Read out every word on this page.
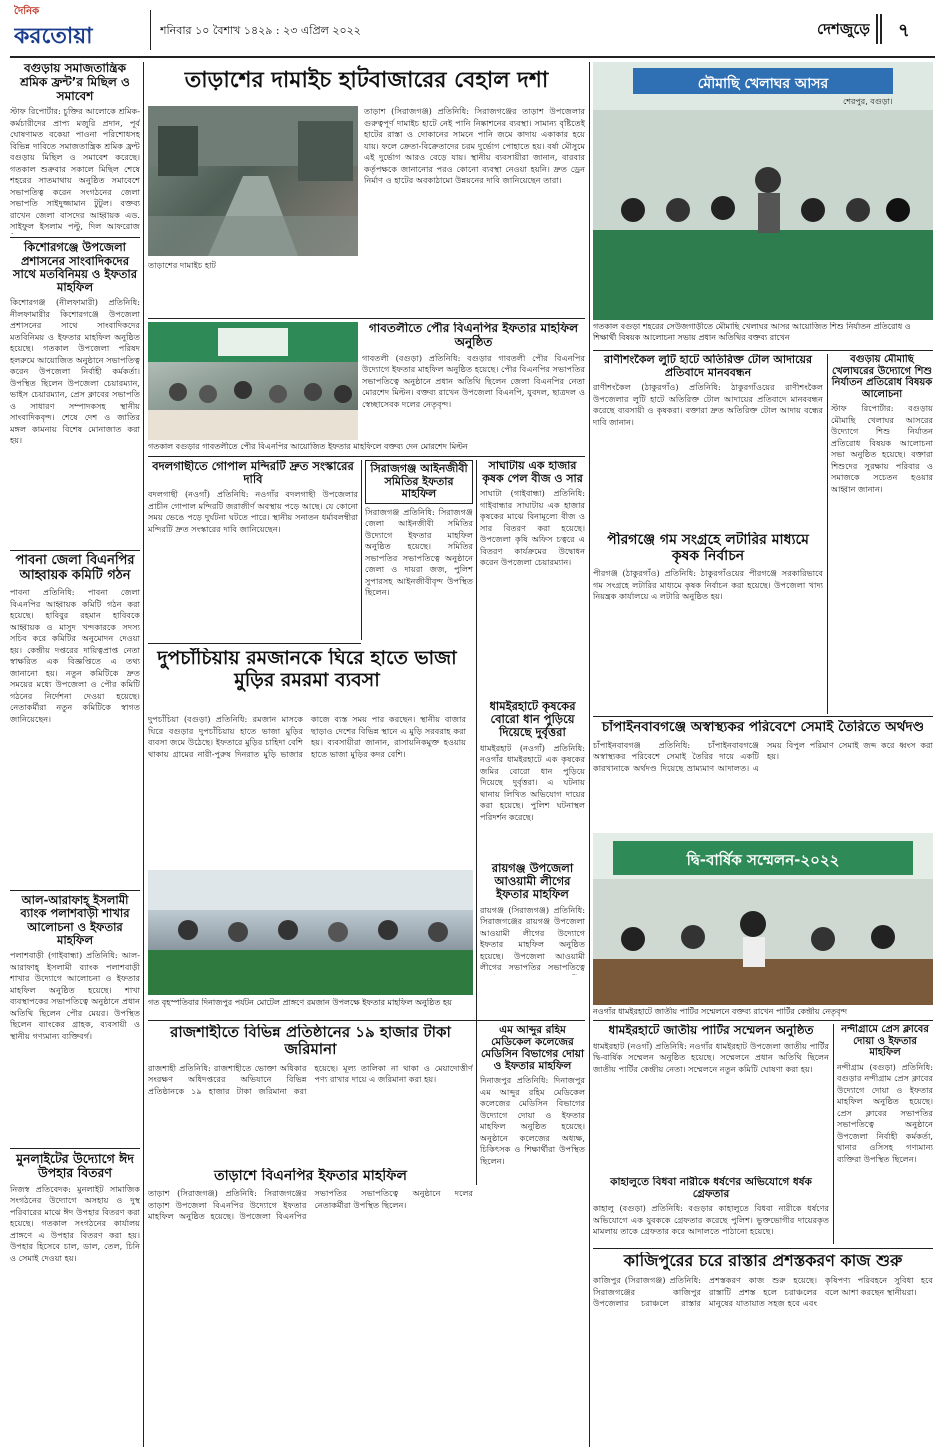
দৈনিক
করতোয়া	শনিবার ১০ বৈশাখ ১৪২৯ : ২৩ এপ্রিল ২০২২	দেশজুড়ে ৭
বগুড়ায় সমাজতান্ত্রিক শ্রমিক ফ্রন্ট’র মিছিল ও সমাবেশ
স্টাফ রিপোর্টার: চুক্তির আলোকে শ্রমিক-কর্মচারীদের প্রাপ্য মজুরি প্রদান, পূর্ব ঘোষণামত বকেয়া পাওনা পরিশোধসহ বিভিন্ন দাবিতে সমাজতান্ত্রিক শ্রমিক ফ্রন্ট বগুড়ায় মিছিল ও সমাবেশ করেছে। গতকাল শুক্রবার সকালে মিছিল শেষে শহরের সাতমাথায় অনুষ্ঠিত সমাবেশে সভাপতিত্ব করেন সংগঠনের জেলা সভাপতি সাইদুজ্জামান টুটুল। বক্তব্য রাখেন জেলা বাসদের আহ্বায়ক এড. সাইফুল ইসলাম পল্টু, দিল আফরোজ
কিশোরগঞ্জে উপজেলা প্রশাসনের সাংবাদিকদের সাথে মতবিনিময় ও ইফতার মাহফিল
কিশোরগঞ্জ (নীলফামারী) প্রতিনিধি: নীলফামারীর কিশোরগঞ্জে উপজেলা প্রশাসনের সাথে সাংবাদিকদের মতবিনিময় ও ইফতার মাহফিল অনুষ্ঠিত হয়েছে। গতকাল উপজেলা পরিষদ হলরুমে আয়োজিত অনুষ্ঠানে সভাপতিত্ব করেন উপজেলা নির্বাহী কর্মকর্তা। উপস্থিত ছিলেন উপজেলা চেয়ারম্যান, ভাইস চেয়ারম্যান, প্রেস ক্লাবের সভাপতি ও সাধারণ সম্পাদকসহ স্থানীয় সাংবাদিকবৃন্দ। শেষে দেশ ও জাতির মঙ্গল কামনায় বিশেষ মোনাজাত করা হয়।
পাবনা জেলা বিএনপির আহ্বায়ক কমিটি গঠন
পাবনা প্রতিনিধি: পাবনা জেলা বিএনপির আহ্বায়ক কমিটি গঠন করা হয়েছে। হাবিবুর রহমান হাবিবকে আহ্বায়ক ও মাসুদ খন্দকারকে সদস্য সচিব করে কমিটির অনুমোদন দেওয়া হয়। কেন্দ্রীয় দপ্তরের দায়িত্বপ্রাপ্ত নেতা স্বাক্ষরিত এক বিজ্ঞপ্তিতে এ তথ্য জানানো হয়। নতুন কমিটিকে দ্রুত সময়ের মধ্যে উপজেলা ও পৌর কমিটি গঠনের নির্দেশনা দেওয়া হয়েছে। নেতাকর্মীরা নতুন কমিটিকে স্বাগত জানিয়েছেন।
আল-আরাফাহ্‌ ইসলামী ব্যাংক পলাশবাড়ী শাখার আলোচনা ও ইফতার মাহফিল
পলাশবাড়ী (গাইবান্ধা) প্রতিনিধি: আল-আরাফাহ্‌ ইসলামী ব্যাংক পলাশবাড়ী শাখার উদ্যোগে আলোচনা ও ইফতার মাহফিল অনুষ্ঠিত হয়েছে। শাখা ব্যবস্থাপকের সভাপতিত্বে অনুষ্ঠানে প্রধান অতিথি ছিলেন পৌর মেয়র। উপস্থিত ছিলেন ব্যাংকের গ্রাহক, ব্যবসায়ী ও স্থানীয় গণ্যমান্য ব্যক্তিবর্গ।
মুনলাইটের উদ্যোগে ঈদ উপহার বিতরণ
নিজস্ব প্রতিবেদক: মুনলাইট সামাজিক সংগঠনের উদ্যোগে অসহায় ও দুস্থ পরিবারের মাঝে ঈদ উপহার বিতরণ করা হয়েছে। গতকাল সংগঠনের কার্যালয় প্রাঙ্গণে এ উপহার বিতরণ করা হয়। উপহার হিসেবে চাল, ডাল, তেল, চিনি ও সেমাই দেওয়া হয়।
তাড়াশের দামাইচ হাটবাজারের বেহাল দশা
তাড়াশ (সিরাজগঞ্জ) প্রতিনিধি: সিরাজগঞ্জের তাড়াশ উপজেলার গুরুত্বপূর্ণ দামাইচ হাটে নেই পানি নিষ্কাশনের ব্যবস্থা। সামান্য বৃষ্টিতেই হাটের রাস্তা ও দোকানের সামনে পানি জমে কাদায় একাকার হয়ে যায়। ফলে ক্রেতা-বিক্রেতাদের চরম দুর্ভোগ পোহাতে হয়। বর্ষা মৌসুমে এই দুর্ভোগ আরও বেড়ে যায়। স্থানীয় ব্যবসায়ীরা জানান, বারবার কর্তৃপক্ষকে জানানোর পরও কোনো ব্যবস্থা নেওয়া হয়নি। দ্রুত ড্রেন নির্মাণ ও হাটের অবকাঠামো উন্নয়নের দাবি জানিয়েছেন তারা।
তাড়াশের দামাইচ হাট
গতকাল বগুড়ার গাবতলীতে পৌর বিএনপির আয়োজিত ইফতার মাহফিলে বক্তব্য দেন মোরশেদ মিল্টন
গাবতলীতে পৌর বিএনপির ইফতার মাহফিল অনুষ্ঠিত
গাবতলী (বগুড়া) প্রতিনিধি: বগুড়ার গাবতলী পৌর বিএনপির উদ্যোগে ইফতার মাহফিল অনুষ্ঠিত হয়েছে। পৌর বিএনপির সভাপতির সভাপতিত্বে অনুষ্ঠানে প্রধান অতিথি ছিলেন জেলা বিএনপির নেতা মোরশেদ মিল্টন। বক্তব্য রাখেন উপজেলা বিএনপি, যুবদল, ছাত্রদল ও স্বেচ্ছাসেবক দলের নেতৃবৃন্দ।
বদলগাছীতে গোপাল মন্দিরটি দ্রুত সংস্কারের দাবি
বদলগাছী (নওগাঁ) প্রতিনিধি: নওগাঁর বদলগাছী উপজেলার প্রাচীন গোপাল মন্দিরটি জরাজীর্ণ অবস্থায় পড়ে আছে। যে কোনো সময় ভেঙে পড়ে দুর্ঘটনা ঘটতে পারে। স্থানীয় সনাতন ধর্মাবলম্বীরা মন্দিরটি দ্রুত সংস্কারের দাবি জানিয়েছেন।
সিরাজগঞ্জ আইনজীবী সমিতির ইফতার মাহফিল
সিরাজগঞ্জ প্রতিনিধি: সিরাজগঞ্জ জেলা আইনজীবী সমিতির উদ্যোগে ইফতার মাহফিল অনুষ্ঠিত হয়েছে। সমিতির সভাপতির সভাপতিত্বে অনুষ্ঠানে জেলা ও দায়রা জজ, পুলিশ সুপারসহ আইনজীবীবৃন্দ উপস্থিত ছিলেন।
দুপচাঁচিয়ায় রমজানকে ঘিরে হাতে ভাজা মুড়ির রমরমা ব্যবসা
দুপচাঁচিয়া (বগুড়া) প্রতিনিধি: রমজান মাসকে ঘিরে বগুড়ার দুপচাঁচিয়ায় হাতে ভাজা মুড়ির ব্যবসা জমে উঠেছে। ইফতারে মুড়ির চাহিদা বেশি থাকায় গ্রামের নারী-পুরুষ দিনরাত মুড়ি ভাজার কাজে ব্যস্ত সময় পার করছেন। স্থানীয় বাজার ছাড়াও দেশের বিভিন্ন স্থানে এ মুড়ি সরবরাহ করা হয়। ব্যবসায়ীরা জানান, রাসায়নিকমুক্ত হওয়ায় হাতে ভাজা মুড়ির কদর বেশি।
গত বৃহস্পতিবার দিনাজপুর পর্যটন মোটেল প্রাঙ্গণে রমজান উপলক্ষে ইফতার মাহফিল অনুষ্ঠিত হয়
রাজশাহীতে বিভিন্ন প্রতিষ্ঠানের ১৯ হাজার টাকা জরিমানা
রাজশাহী প্রতিনিধি: রাজশাহীতে ভোক্তা অধিকার সংরক্ষণ অধিদপ্তরের অভিযানে বিভিন্ন প্রতিষ্ঠানকে ১৯ হাজার টাকা জরিমানা করা হয়েছে। মূল্য তালিকা না থাকা ও মেয়াদোত্তীর্ণ পণ্য রাখার দায়ে এ জরিমানা করা হয়।
তাড়াশে বিএনপির ইফতার মাহফিল
তাড়াশ (সিরাজগঞ্জ) প্রতিনিধি: সিরাজগঞ্জের তাড়াশ উপজেলা বিএনপির উদ্যোগে ইফতার মাহফিল অনুষ্ঠিত হয়েছে। উপজেলা বিএনপির সভাপতির সভাপতিত্বে অনুষ্ঠানে দলের নেতাকর্মীরা উপস্থিত ছিলেন।
এম আব্দুর রহিম মেডিকেল কলেজের মেডিসিন বিভাগের দোয়া ও ইফতার মাহফিল
দিনাজপুর প্রতিনিধি: দিনাজপুর এম আব্দুর রহিম মেডিকেল কলেজের মেডিসিন বিভাগের উদ্যোগে দোয়া ও ইফতার মাহফিল অনুষ্ঠিত হয়েছে। অনুষ্ঠানে কলেজের অধ্যক্ষ, চিকিৎসক ও শিক্ষার্থীরা উপস্থিত ছিলেন।
ধামইরহাটে কৃষকের বোরো ধান পুড়িয়ে দিয়েছে দুর্বৃত্তরা
ধামইরহাট (নওগাঁ) প্রতিনিধি: নওগাঁর ধামইরহাটে এক কৃষকের জমির বোরো ধান পুড়িয়ে দিয়েছে দুর্বৃত্তরা। এ ঘটনায় থানায় লিখিত অভিযোগ দায়ের করা হয়েছে। পুলিশ ঘটনাস্থল পরিদর্শন করেছে।
রায়গঞ্জ উপজেলা আওয়ামী লীগের ইফতার মাহফিল
রায়গঞ্জ (সিরাজগঞ্জ) প্রতিনিধি: সিরাজগঞ্জের রায়গঞ্জ উপজেলা আওয়ামী লীগের উদ্যোগে ইফতার মাহফিল অনুষ্ঠিত হয়েছে। উপজেলা আওয়ামী লীগের সভাপতির সভাপতিত্বে
সাঘাটায় এক হাজার কৃষক পেল বীজ ও সার
সাঘাটা (গাইবান্ধা) প্রতিনিধি: গাইবান্ধার সাঘাটায় এক হাজার কৃষকের মাঝে বিনামূল্যে বীজ ও সার বিতরণ করা হয়েছে। উপজেলা কৃষি অফিস চত্বরে এ বিতরণ কার্যক্রমের উদ্বোধন করেন উপজেলা চেয়ারম্যান।
মৌমাছি খেলাঘর আসর
শেরপুর, বগুড়া।
গতকাল বগুড়া শহরের সেউজগাড়ীতে মৌমাছি খেলাঘর আসর আয়োজিত শিশু নির্যাতন প্রতিরোধ ও শিক্ষার্থী বিষয়ক আলোচনা সভায় প্রধান অতিথির বক্তব্য রাখেন
রাণীশংকৈল লুটি হাটে অতিরিক্ত টোল আদায়ের প্রতিবাদে মানববন্ধন
রাণীশংকৈল (ঠাকুরগাঁও) প্রতিনিধি: ঠাকুরগাঁওয়ের রাণীশংকৈল উপজেলার লুটি হাটে অতিরিক্ত টোল আদায়ের প্রতিবাদে মানববন্ধন করেছে ব্যবসায়ী ও কৃষকরা। বক্তারা দ্রুত অতিরিক্ত টোল আদায় বন্ধের দাবি জানান।
বগুড়ায় মৌমাছি খেলাঘরের উদ্যোগে শিশু নির্যাতন প্রতিরোধ বিষয়ক আলোচনা
স্টাফ রিপোর্টার: বগুড়ায় মৌমাছি খেলাঘর আসরের উদ্যোগে শিশু নির্যাতন প্রতিরোধ বিষয়ক আলোচনা সভা অনুষ্ঠিত হয়েছে। বক্তারা শিশুদের সুরক্ষায় পরিবার ও সমাজকে সচেতন হওয়ার আহ্বান জানান।
পীরগঞ্জে গম সংগ্রহে লটারির মাধ্যমে কৃষক নির্বাচন
পীরগঞ্জ (ঠাকুরগাঁও) প্রতিনিধি: ঠাকুরগাঁওয়ের পীরগঞ্জে সরকারিভাবে গম সংগ্রহে লটারির মাধ্যমে কৃষক নির্বাচন করা হয়েছে। উপজেলা খাদ্য নিয়ন্ত্রক কার্যালয়ে এ লটারি অনুষ্ঠিত হয়।
চাঁপাইনবাবগঞ্জে অস্বাস্থ্যকর পরিবেশে সেমাই তৈরিতে অর্থদণ্ড
চাঁপাইনবাবগঞ্জ প্রতিনিধি: চাঁপাইনবাবগঞ্জে অস্বাস্থ্যকর পরিবেশে সেমাই তৈরির দায়ে একটি কারখানাকে অর্থদণ্ড দিয়েছে ভ্রাম্যমাণ আদালত। এ সময় বিপুল পরিমাণ সেমাই জব্দ করে ধ্বংস করা হয়।
দ্বি-বার্ষিক সম্মেলন-২০২২
নওগাঁর ধামইরহাটে জাতীয় পার্টির সম্মেলনে বক্তব্য রাখেন পার্টির কেন্দ্রীয় নেতৃবৃন্দ
ধামইরহাটে জাতীয় পার্টির সম্মেলন অনুষ্ঠিত
ধামইরহাট (নওগাঁ) প্রতিনিধি: নওগাঁর ধামইরহাট উপজেলা জাতীয় পার্টির দ্বি-বার্ষিক সম্মেলন অনুষ্ঠিত হয়েছে। সম্মেলনে প্রধান অতিথি ছিলেন জাতীয় পার্টির কেন্দ্রীয় নেতা। সম্মেলনে নতুন কমিটি ঘোষণা করা হয়।
কাহালুতে বিধবা নারীকে ধর্ষণের অভিযোগে ধর্ষক গ্রেফতার
কাহালু (বগুড়া) প্রতিনিধি: বগুড়ার কাহালুতে বিধবা নারীকে ধর্ষণের অভিযোগে এক যুবককে গ্রেফতার করেছে পুলিশ। ভুক্তভোগীর দায়েরকৃত মামলায় তাকে গ্রেফতার করে আদালতে পাঠানো হয়েছে।
নন্দীগ্রামে প্রেস ক্লাবের দোয়া ও ইফতার মাহফিল
নন্দীগ্রাম (বগুড়া) প্রতিনিধি: বগুড়ার নন্দীগ্রাম প্রেস ক্লাবের উদ্যোগে দোয়া ও ইফতার মাহফিল অনুষ্ঠিত হয়েছে। প্রেস ক্লাবের সভাপতির সভাপতিত্বে অনুষ্ঠানে উপজেলা নির্বাহী কর্মকর্তা, থানার ওসিসহ গণ্যমান্য ব্যক্তিরা উপস্থিত ছিলেন।
কাজিপুরের চরে রাস্তার প্রশস্তকরণ কাজ শুরু
কাজিপুর (সিরাজগঞ্জ) প্রতিনিধি: সিরাজগঞ্জের কাজিপুর উপজেলার চরাঞ্চলে রাস্তার প্রশস্তকরণ কাজ শুরু হয়েছে। রাস্তাটি প্রশস্ত হলে চরাঞ্চলের মানুষের যাতায়াত সহজ হবে এবং কৃষিপণ্য পরিবহনে সুবিধা হবে বলে আশা করছেন স্থানীয়রা।
